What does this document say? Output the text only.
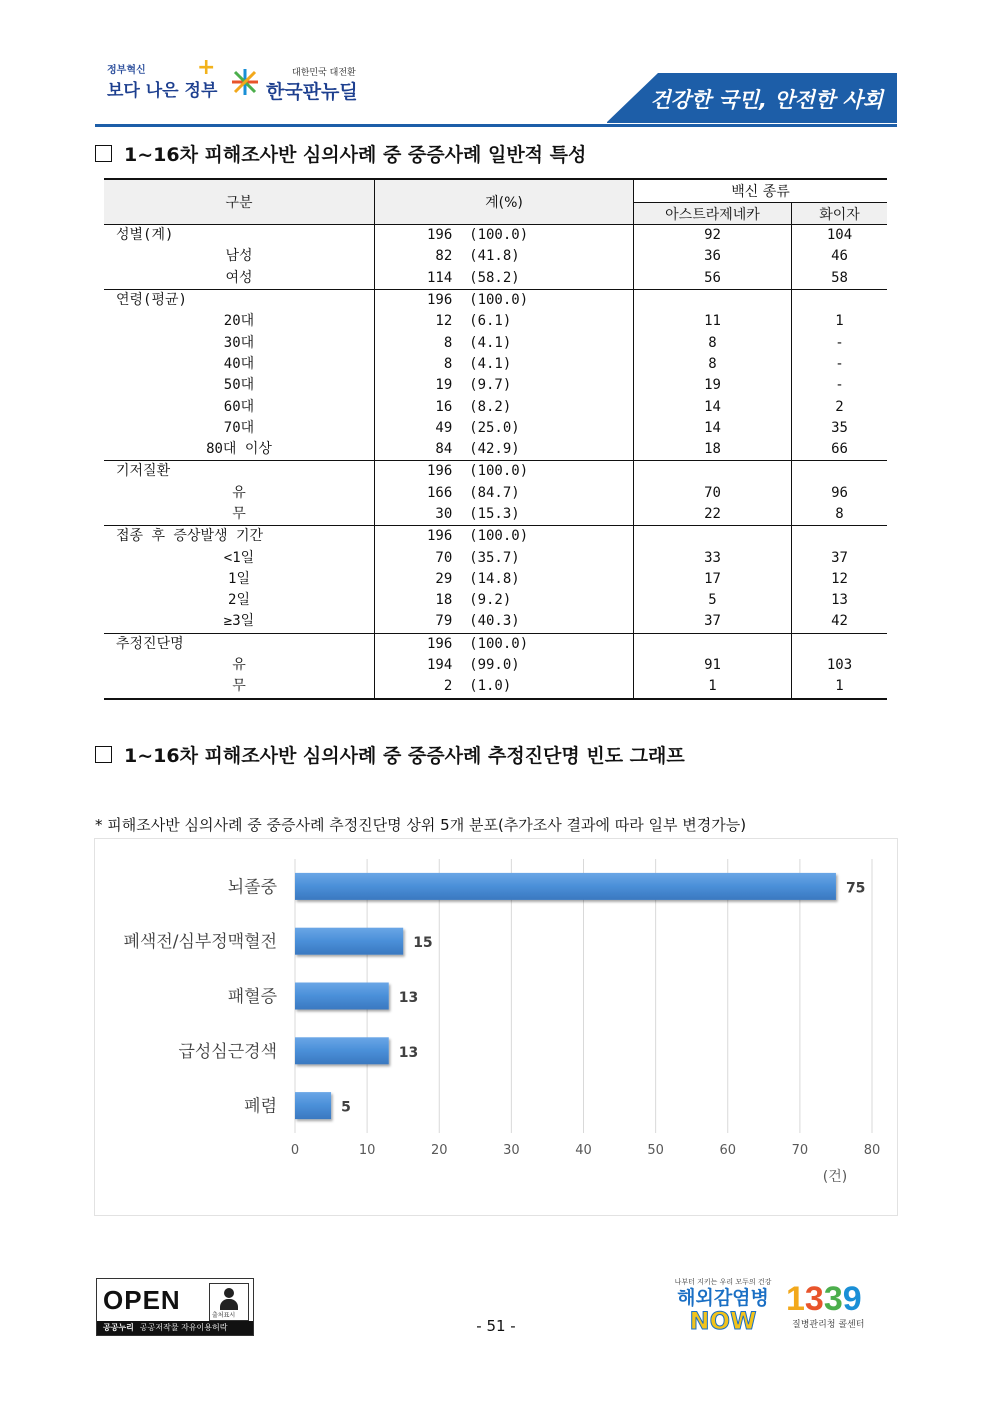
정부혁신
보다 나은 정부
+	대한민국 대전환
한국판뉴딜	건강한 국민, 안전한 사회
1~16차 피해조사반 심의사례 중 중증사례 일반적 특성
구분	계(%)	백신 종류	
		아스트라제네카	화이자
성별(계)	196  (100.0)	92	104
남성	82  (41.8)	36	46
여성	114  (58.2)	56	58
연령(평균)	196  (100.0)		
20대	12  (6.1)	11	1
30대	8  (4.1)	8	-
40대	8  (4.1)	8	-
50대	19  (9.7)	19	-
60대	16  (8.2)	14	2
70대	49  (25.0)	14	35
80대 이상	84  (42.9)	18	66
기저질환	196  (100.0)		
유	166  (84.7)	70	96
무	30  (15.3)	22	8
접종 후 증상발생 기간	196  (100.0)		
<1일	70  (35.7)	33	37
1일	29  (14.8)	17	12
2일	18  (9.2)	5	13
≥3일	79  (40.3)	37	42
추정진단명	196  (100.0)		
유	194  (99.0)	91	103
무	2  (1.0)	1	1
1~16차 피해조사반 심의사례 중 중증사례 추정진단명 빈도 그래프
* 피해조사반 심의사례 중 중증사례 추정진단명 상위 5개 분포(추가조사 결과에 따라 일부 변경가능)
0	10	20	30	40	50	60	70	80
뇌졸중	75
폐색전/심부정맥혈전	15
패혈증	13
급성심근경색	13
폐렴	5
(건)
OPEN
출처표시
공공누리 공공저작물 자유이용허락	- 51 -
나부터 지키는 우리 모두의 건강
해외감염병
NOW
1339
질병관리청 콜센터
